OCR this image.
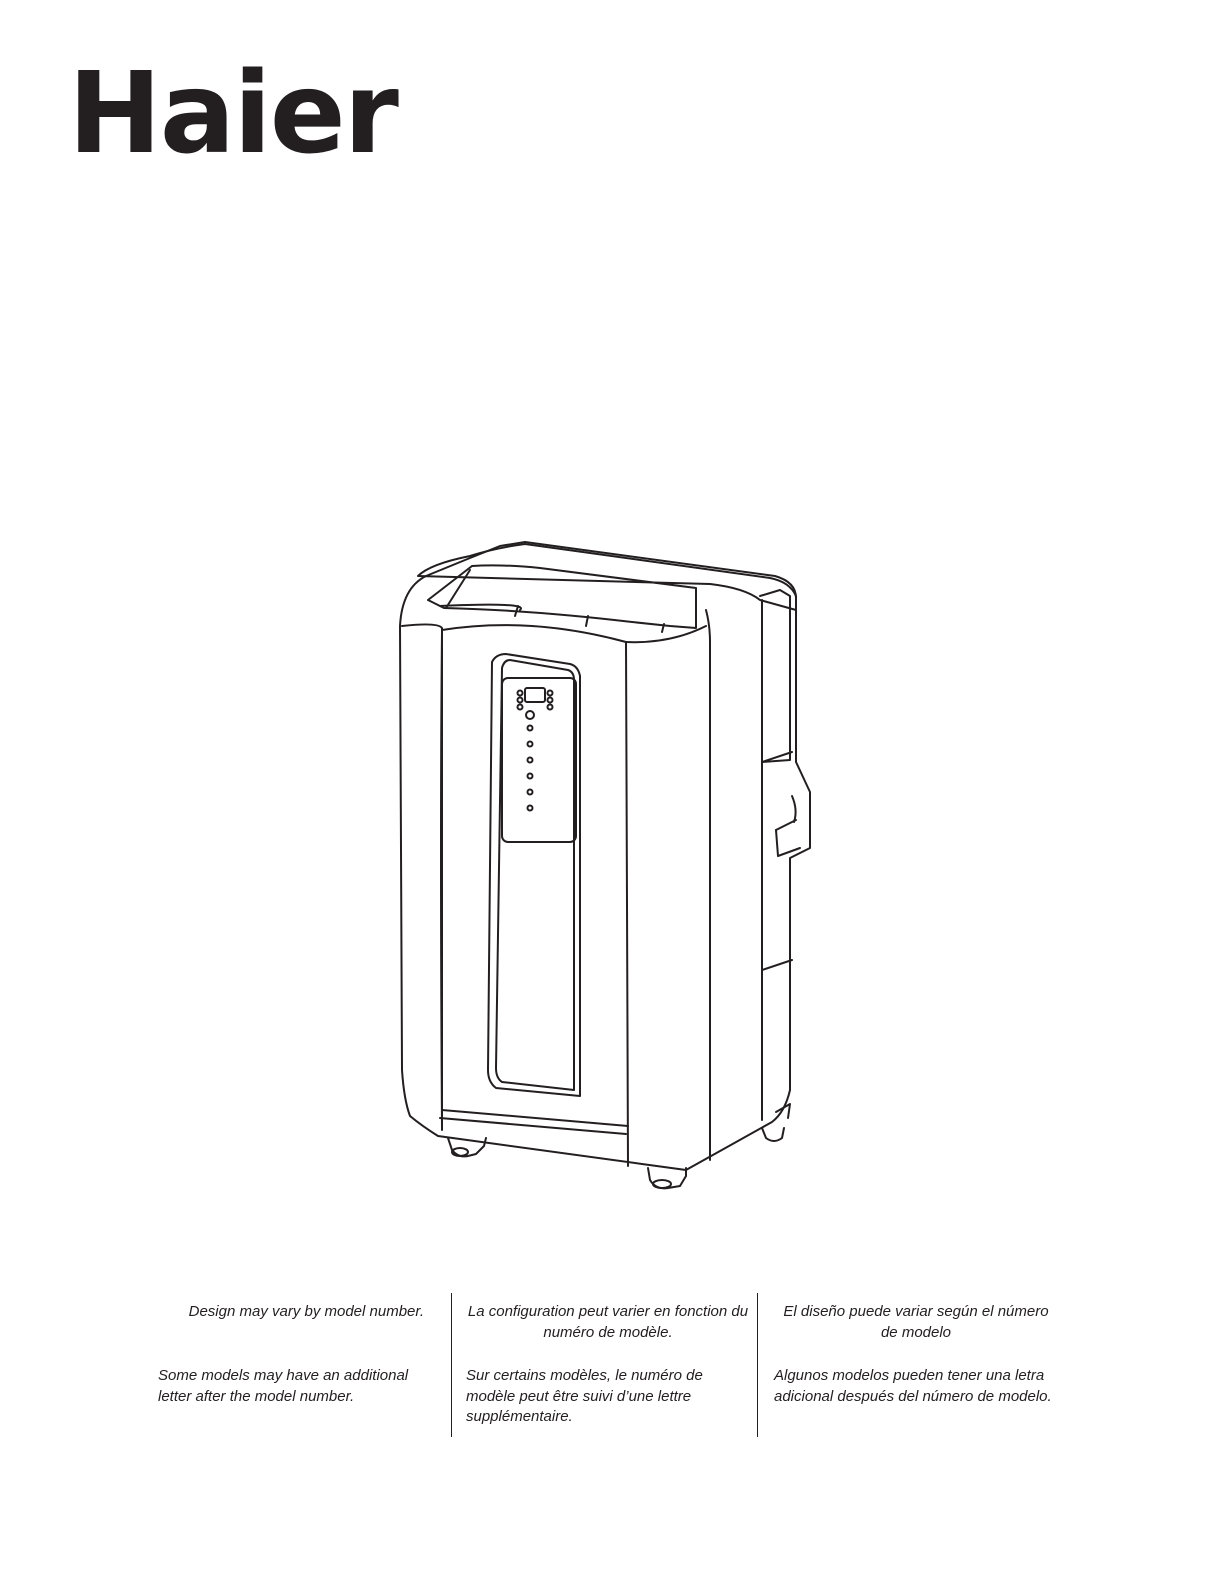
Haier
Design may vary by model number.	La configuration peut varier en fonction du numéro de modèle.
El diseño puede variar según el número de modelo
Some models may have an additional letter after the model number.
Sur certains modèles, le numéro de modèle peut être suivi d’une lettre supplémentaire.
Algunos modelos pueden tener una letra adicional después del número de modelo.
